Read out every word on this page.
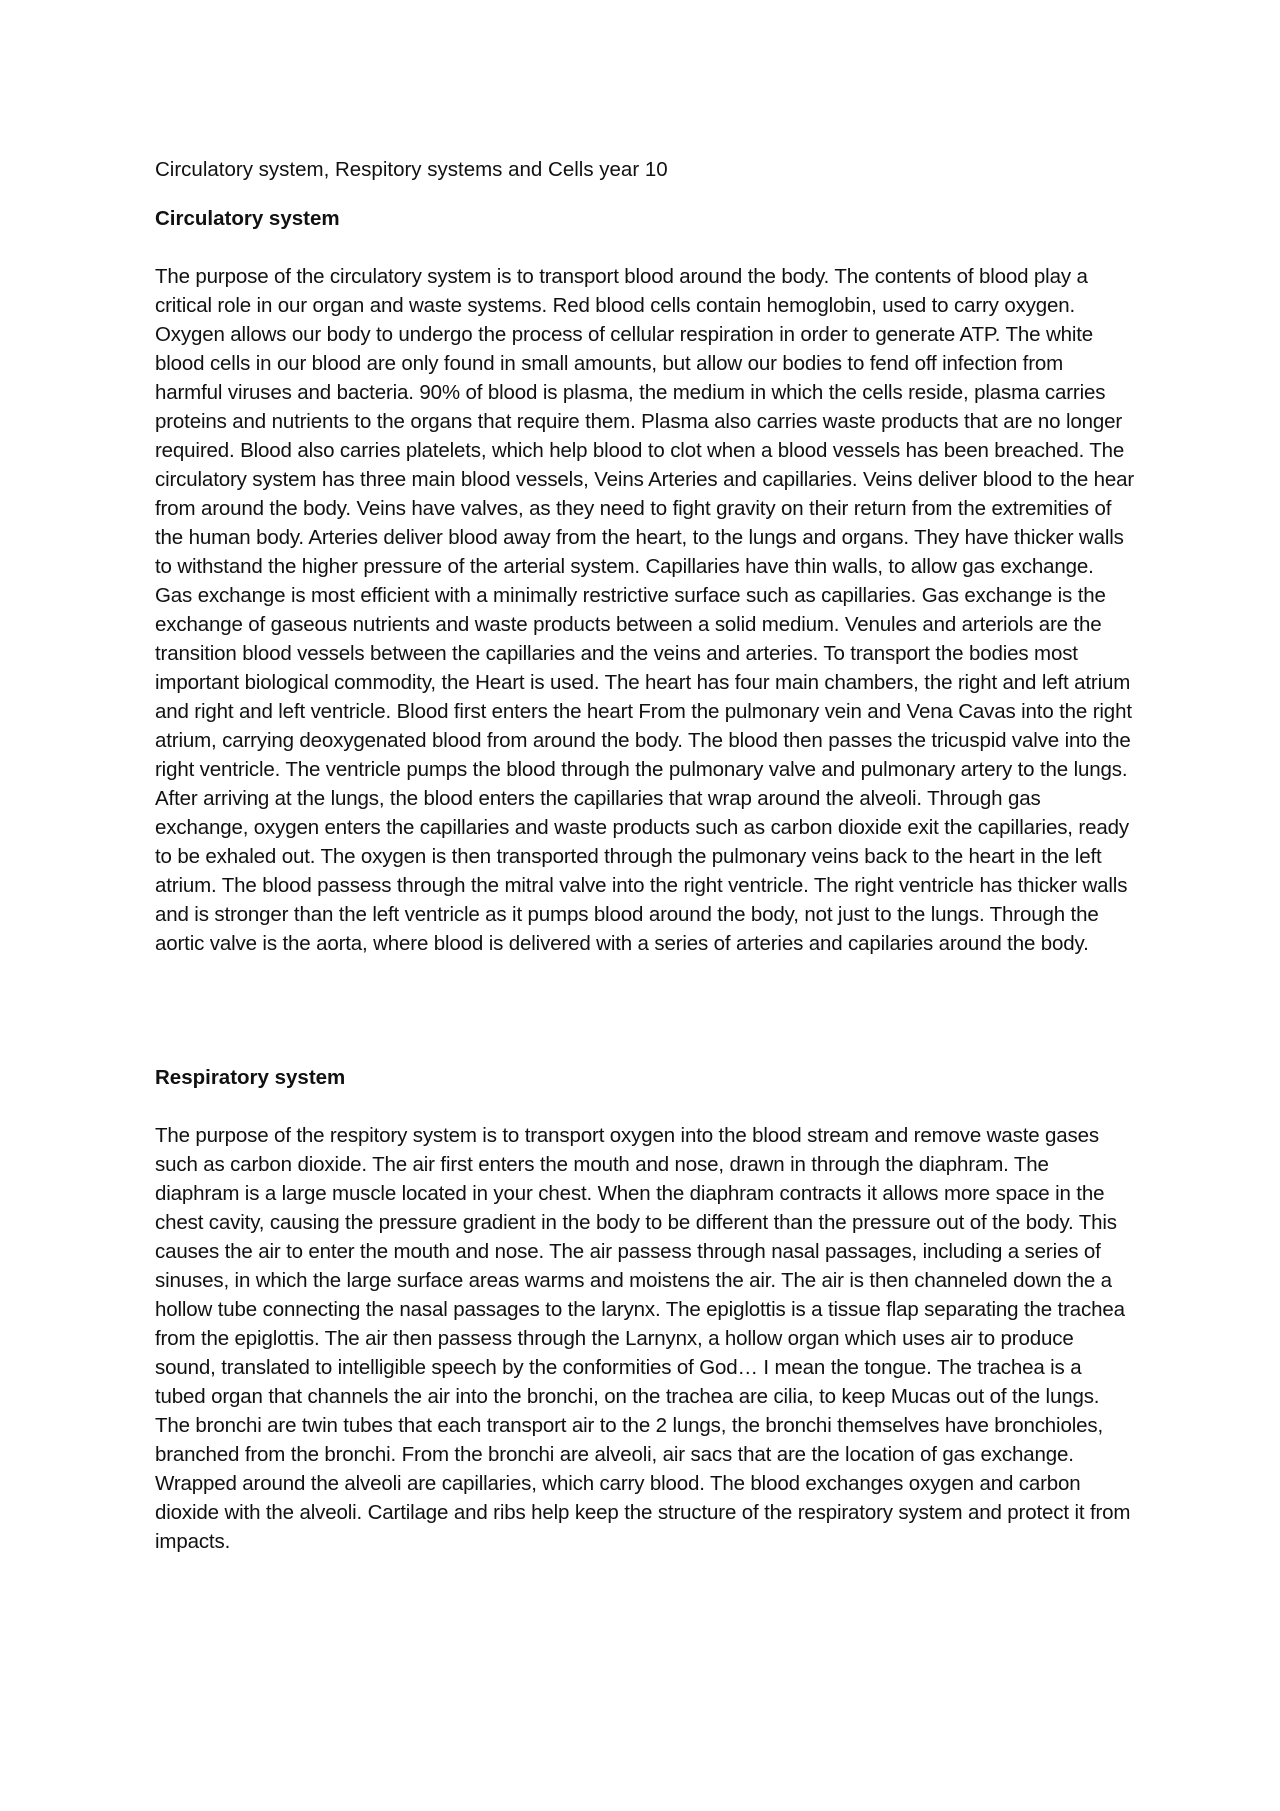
Circulatory system, Respitory systems and Cells year 10

Circulatory system

The purpose of the circulatory system is to transport blood around the body. The contents of blood play a critical role in our organ and waste systems. Red blood cells contain hemoglobin, used to carry oxygen. Oxygen allows our body to undergo the process of cellular respiration in order to generate ATP. The white blood cells in our blood are only found in small amounts, but allow our bodies to fend off infection from harmful viruses and bacteria. 90% of blood is plasma, the medium in which the cells reside, plasma carries proteins and nutrients to the organs that require them. Plasma also carries waste products that are no longer required. Blood also carries platelets, which help blood to clot when a blood vessels has been breached. The circulatory system has three main blood vessels, Veins Arteries and capillaries. Veins deliver blood to the hear from around the body. Veins have valves, as they need to fight gravity on their return from the extremities of the human body. Arteries deliver blood away from the heart, to the lungs and organs. They have thicker walls to withstand the higher pressure of the arterial system. Capillaries have thin walls, to allow gas exchange. Gas exchange is most efficient with a minimally restrictive surface such as capillaries. Gas exchange is the exchange of gaseous nutrients and waste products between a solid medium. Venules and arteriols are the transition blood vessels between the capillaries and the veins and arteries. To transport the bodies most important biological commodity, the Heart is used. The heart has four main chambers, the right and left atrium and right and left ventricle. Blood first enters the heart From the pulmonary vein and Vena Cavas into the right atrium, carrying deoxygenated blood from around the body. The blood then passes the tricuspid valve into the right ventricle. The ventricle pumps the blood through the pulmonary valve and pulmonary artery to the lungs. After arriving at the lungs, the blood enters the capillaries that wrap around the alveoli. Through gas exchange, oxygen enters the capillaries and waste products such as carbon dioxide exit the capillaries, ready to be exhaled out. The oxygen is then transported through the pulmonary veins back to the heart in the left atrium. The blood passess through the mitral valve into the right ventricle. The right ventricle has thicker walls and is stronger than the left ventricle as it pumps blood around the body, not just to the lungs. Through the aortic valve is the aorta, where blood is delivered with a series of arteries and capilaries around the body.

Respiratory system

The purpose of the respitory system is to transport oxygen into the blood stream and remove waste gases such as carbon dioxide. The air first enters the mouth and nose, drawn in through the diaphram. The diaphram is a large muscle located in your chest. When the diaphram contracts it allows more space in the chest cavity, causing the pressure gradient in the body to be different than the pressure out of the body. This causes the air to enter the mouth and nose. The air passess through nasal passages, including a series of sinuses, in which the large surface areas warms and moistens the air. The air is then channeled down the a hollow tube connecting the nasal passages to the larynx. The epiglottis is a tissue flap separating the trachea from the epiglottis. The air then passess through the Larnynx, a hollow organ which uses air to produce sound, translated to intelligible speech by the conformities of God… I mean the tongue. The trachea is a tubed organ that channels the air into the bronchi, on the trachea are cilia, to keep Mucas out of the lungs. The bronchi are twin tubes that each transport air to the 2 lungs, the bronchi themselves have bronchioles, branched from the bronchi. From the bronchi are alveoli, air sacs that are the location of gas exchange. Wrapped around the alveoli are capillaries, which carry blood. The blood exchanges oxygen and carbon dioxide with the alveoli. Cartilage and ribs help keep the structure of the respiratory system and protect it from impacts.
